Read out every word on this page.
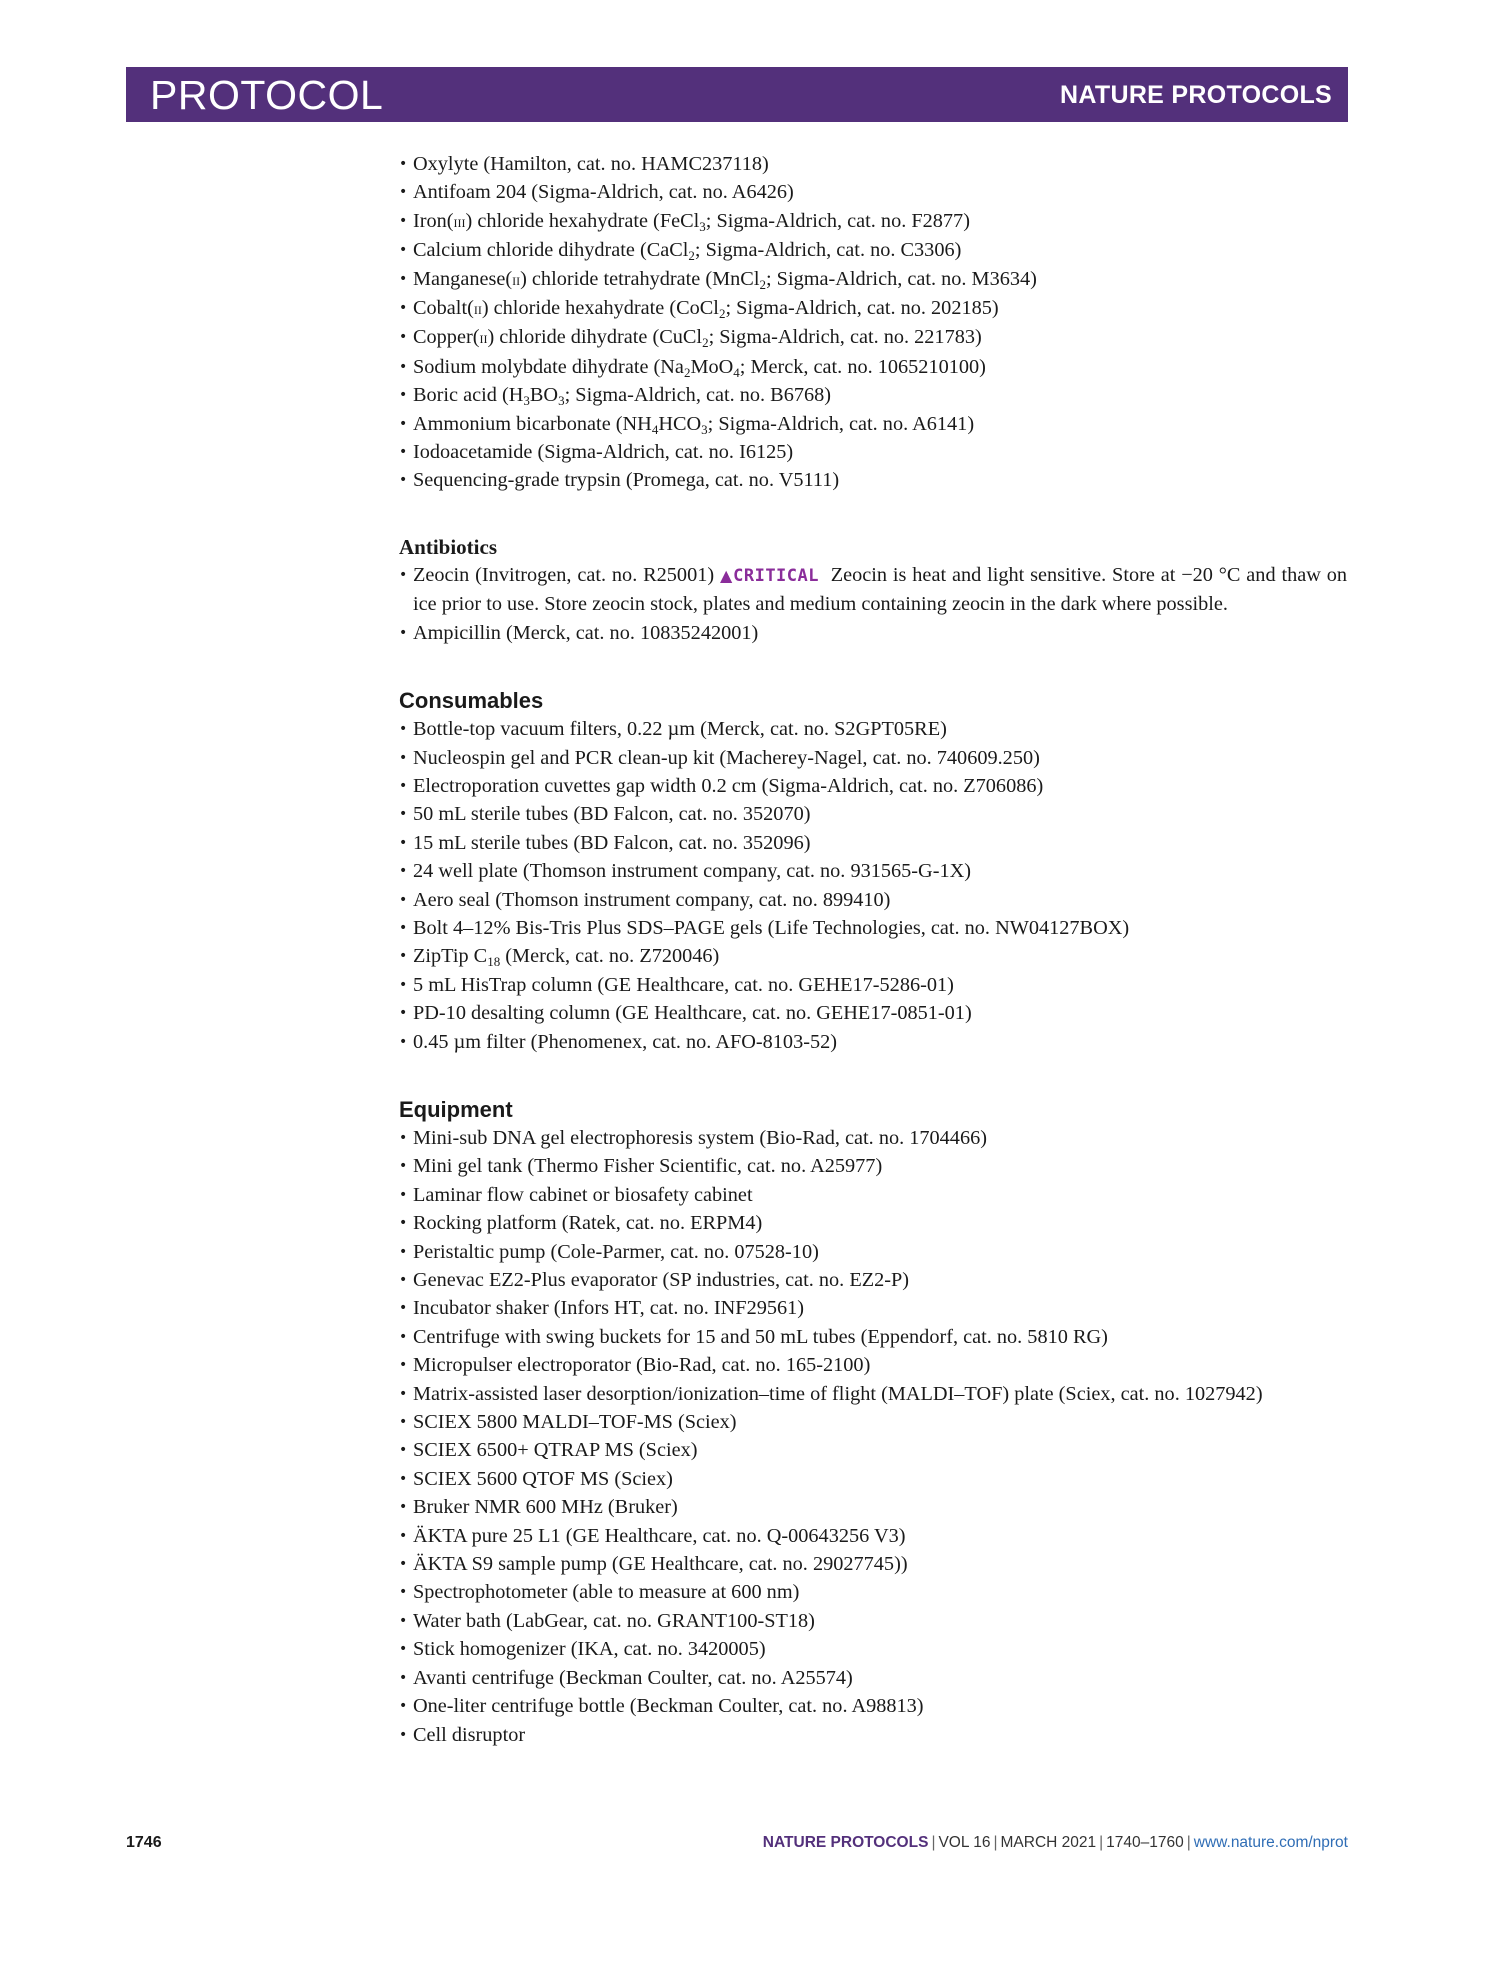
PROTOCOL	NATURE PROTOCOLS
• Oxylyte (Hamilton, cat. no. HAMC237118)
• Antifoam 204 (Sigma-Aldrich, cat. no. A6426)
• Iron(iii) chloride hexahydrate (FeCl$_3$; Sigma-Aldrich, cat. no. F2877)
• Calcium chloride dihydrate (CaCl$_2$; Sigma-Aldrich, cat. no. C3306)
• Manganese(ii) chloride tetrahydrate (MnCl$_2$; Sigma-Aldrich, cat. no. M3634)
• Cobalt(ii) chloride hexahydrate (CoCl$_2$; Sigma-Aldrich, cat. no. 202185)
• Copper(ii) chloride dihydrate (CuCl$_2$; Sigma-Aldrich, cat. no. 221783)
• Sodium molybdate dihydrate ($Na_2MoO_4$; Merck, cat. no. 1065210100)
• Boric acid ($H_3BO_3$; Sigma-Aldrich, cat. no. B6768)
• Ammonium bicarbonate ($NH_4HCO_3$; Sigma-Aldrich, cat. no. A6141)
• Iodoacetamide (Sigma-Aldrich, cat. no. I6125)
• Sequencing-grade trypsin (Promega, cat. no. V5111)
Antibiotics
• Zeocin (Invitrogen, cat. no. R25001) ▲CRITICAL Zeocin is heat and light sensitive. Store at −20 °C and thaw on ice prior to use. Store zeocin stock, plates and medium containing zeocin in the dark where possible.
• Ampicillin (Merck, cat. no. 10835242001)
Consumables
• Bottle-top vacuum filters, 0.22 µm (Merck, cat. no. S2GPT05RE)
• Nucleospin gel and PCR clean-up kit (Macherey-Nagel, cat. no. 740609.250)
• Electroporation cuvettes gap width 0.2 cm (Sigma-Aldrich, cat. no. Z706086)
• 50 mL sterile tubes (BD Falcon, cat. no. 352070)
• 15 mL sterile tubes (BD Falcon, cat. no. 352096)
• 24 well plate (Thomson instrument company, cat. no. 931565-G-1X)
• Aero seal (Thomson instrument company, cat. no. 899410)
• Bolt 4–12% Bis-Tris Plus SDS–PAGE gels (Life Technologies, cat. no. NW04127BOX)
• ZipTip $C_{18}$ (Merck, cat. no. Z720046)
• 5 mL HisTrap column (GE Healthcare, cat. no. GEHE17-5286-01)
• PD-10 desalting column (GE Healthcare, cat. no. GEHE17-0851-01)
• 0.45 µm filter (Phenomenex, cat. no. AFO-8103-52)
Equipment
• Mini-sub DNA gel electrophoresis system (Bio-Rad, cat. no. 1704466)
• Mini gel tank (Thermo Fisher Scientific, cat. no. A25977)
• Laminar flow cabinet or biosafety cabinet
• Rocking platform (Ratek, cat. no. ERPM4)
• Peristaltic pump (Cole-Parmer, cat. no. 07528-10)
• Genevac EZ2-Plus evaporator (SP industries, cat. no. EZ2-P)
• Incubator shaker (Infors HT, cat. no. INF29561)
• Centrifuge with swing buckets for 15 and 50 mL tubes (Eppendorf, cat. no. 5810 RG)
• Micropulser electroporator (Bio-Rad, cat. no. 165-2100)
• Matrix-assisted laser desorption/ionization–time of flight (MALDI–TOF) plate (Sciex, cat. no. 1027942)
• SCIEX 5800 MALDI–TOF-MS (Sciex)
• SCIEX 6500+ QTRAP MS (Sciex)
• SCIEX 5600 QTOF MS (Sciex)
• Bruker NMR 600 MHz (Bruker)
• ÄKTA pure 25 L1 (GE Healthcare, cat. no. Q-00643256 V3)
• ÄKTA S9 sample pump (GE Healthcare, cat. no. 29027745))
• Spectrophotometer (able to measure at 600 nm)
• Water bath (LabGear, cat. no. GRANT100-ST18)
• Stick homogenizer (IKA, cat. no. 3420005)
• Avanti centrifuge (Beckman Coulter, cat. no. A25574)
• One-liter centrifuge bottle (Beckman Coulter, cat. no. A98813)
• Cell disruptor
1746	NATURE PROTOCOLS | VOL 16 | MARCH 2021 | 1740–1760 | www.nature.com/nprot
